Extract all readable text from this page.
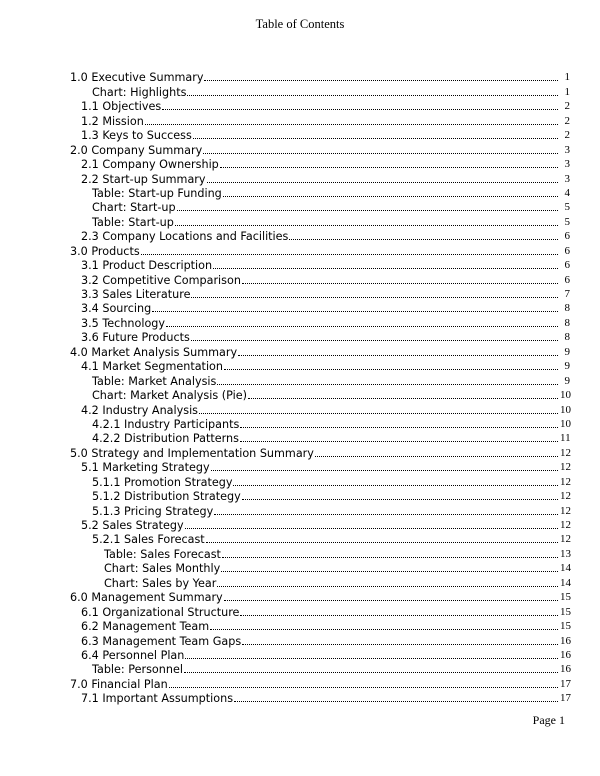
Table of Contents
1.0 Executive Summary	1
Chart: Highlights	1
1.1 Objectives	2
1.2 Mission	2
1.3 Keys to Success	2
2.0 Company Summary	3
2.1 Company Ownership	3
2.2 Start-up Summary	3
Table: Start-up Funding	4
Chart: Start-up	5
Table: Start-up	5
2.3 Company Locations and Facilities	6
3.0 Products	6
3.1 Product Description	6
3.2 Competitive Comparison	6
3.3 Sales Literature	7
3.4 Sourcing	8
3.5 Technology	8
3.6 Future Products	8
4.0 Market Analysis Summary	9
4.1 Market Segmentation	9
Table: Market Analysis	9
Chart: Market Analysis (Pie)	10
4.2 Industry Analysis	10
4.2.1 Industry Participants	10
4.2.2 Distribution Patterns	11
5.0 Strategy and Implementation Summary	12
5.1 Marketing Strategy	12
5.1.1 Promotion Strategy	12
5.1.2 Distribution Strategy	12
5.1.3 Pricing Strategy	12
5.2 Sales Strategy	12
5.2.1 Sales Forecast	12
Table: Sales Forecast	13
Chart: Sales Monthly	14
Chart: Sales by Year	14
6.0 Management Summary	15
6.1 Organizational Structure	15
6.2 Management Team	15
6.3 Management Team Gaps	16
6.4 Personnel Plan	16
Table: Personnel	16
7.0 Financial Plan	17
7.1 Important Assumptions	17
Page 1
